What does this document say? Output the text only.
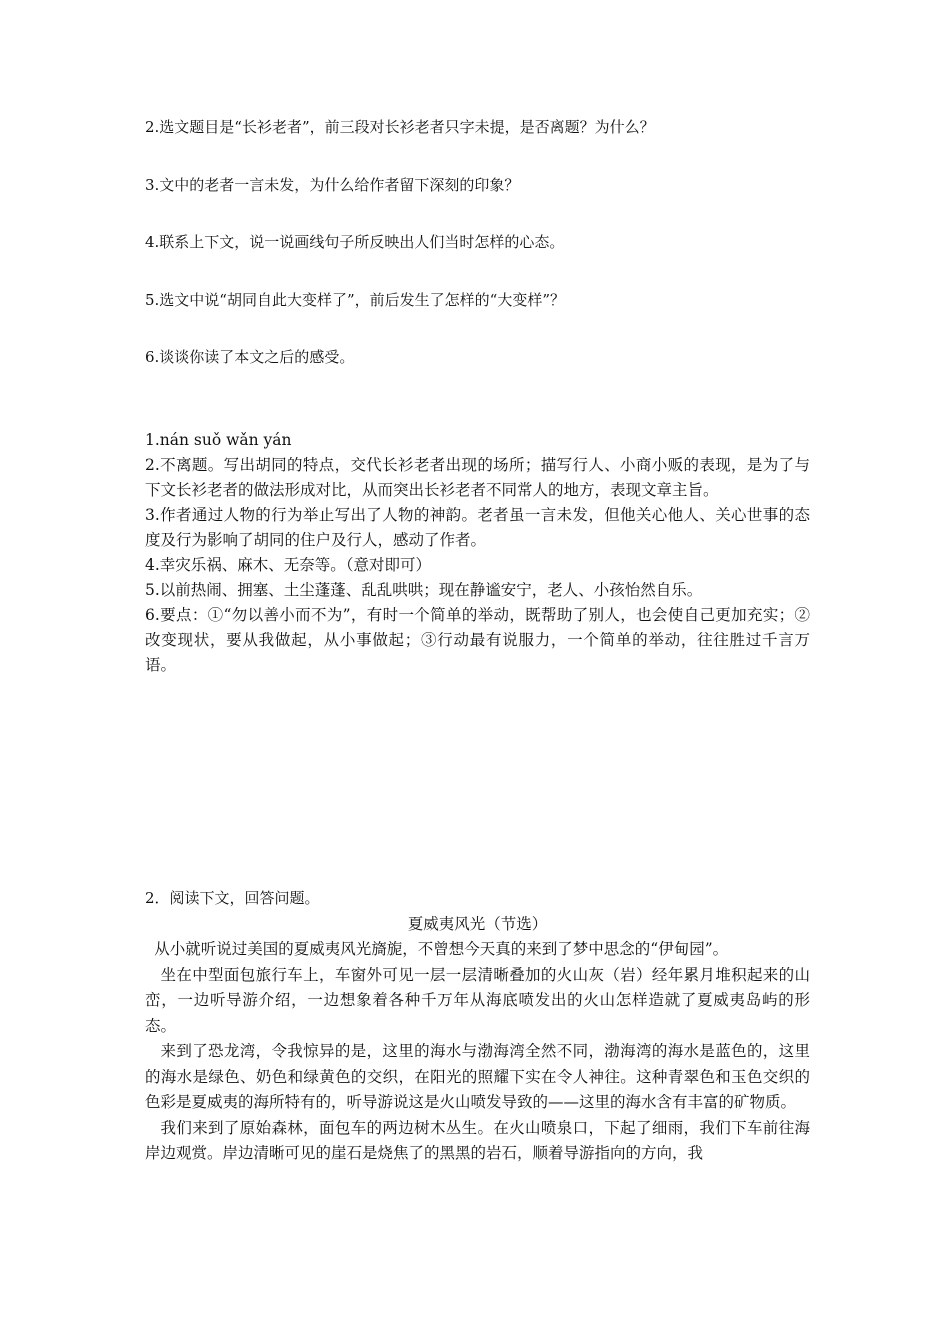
2.选文题目是“长衫老者”，前三段对长衫老者只字未提，是否离题？为什么？
3.文中的老者一言未发，为什么给作者留下深刻的印象？
4.联系上下文，说一说画线句子所反映出人们当时怎样的心态。
5.选文中说“胡同自此大变样了”，前后发生了怎样的“大变样”？
6.谈谈你读了本文之后的感受。

1.nán suǒ wǎn yán

2.不离题。写出胡同的特点，交代长衫老者出现的场所；描写行人、小商小贩的表现，是为了与下文长衫老者的做法形成对比，从而突出长衫老者不同常人的地方，表现文章主旨。

3.作者通过人物的行为举止写出了人物的神韵。老者虽一言未发，但他关心他人、关心世事的态度及行为影响了胡同的住户及行人，感动了作者。

4.幸灾乐祸、麻木、无奈等。（意对即可）

5.以前热闹、拥塞、土尘蓬蓬、乱乱哄哄；现在静谧安宁，老人、小孩怡然自乐。

6.要点：①“勿以善小而不为”，有时一个简单的举动，既帮助了别人，也会使自己更加充实；②改变现状，要从我做起，从小事做起；③行动最有说服力，一个简单的举动，往往胜过千言万语。

2．阅读下文，回答问题。

夏威夷风光（节选）

从小就听说过美国的夏威夷风光旖旎，不曾想今天真的来到了梦中思念的“伊甸园”。

坐在中型面包旅行车上，车窗外可见一层一层清晰叠加的火山灰（岩）经年累月堆积起来的山峦，一边听导游介绍，一边想象着各种千万年从海底喷发出的火山怎样造就了夏威夷岛屿的形态。

来到了恐龙湾，令我惊异的是，这里的海水与渤海湾全然不同，渤海湾的海水是蓝色的，这里的海水是绿色、奶色和绿黄色的交织，在阳光的照耀下实在令人神往。这种青翠色和玉色交织的色彩是夏威夷的海所特有的，听导游说这是火山喷发导致的——这里的海水含有丰富的矿物质。

我们来到了原始森林，面包车的两边树木丛生。在火山喷泉口，下起了细雨，我们下车前往海岸边观赏。岸边清晰可见的崖石是烧焦了的黑黑的岩石，顺着导游指向的方向，我
